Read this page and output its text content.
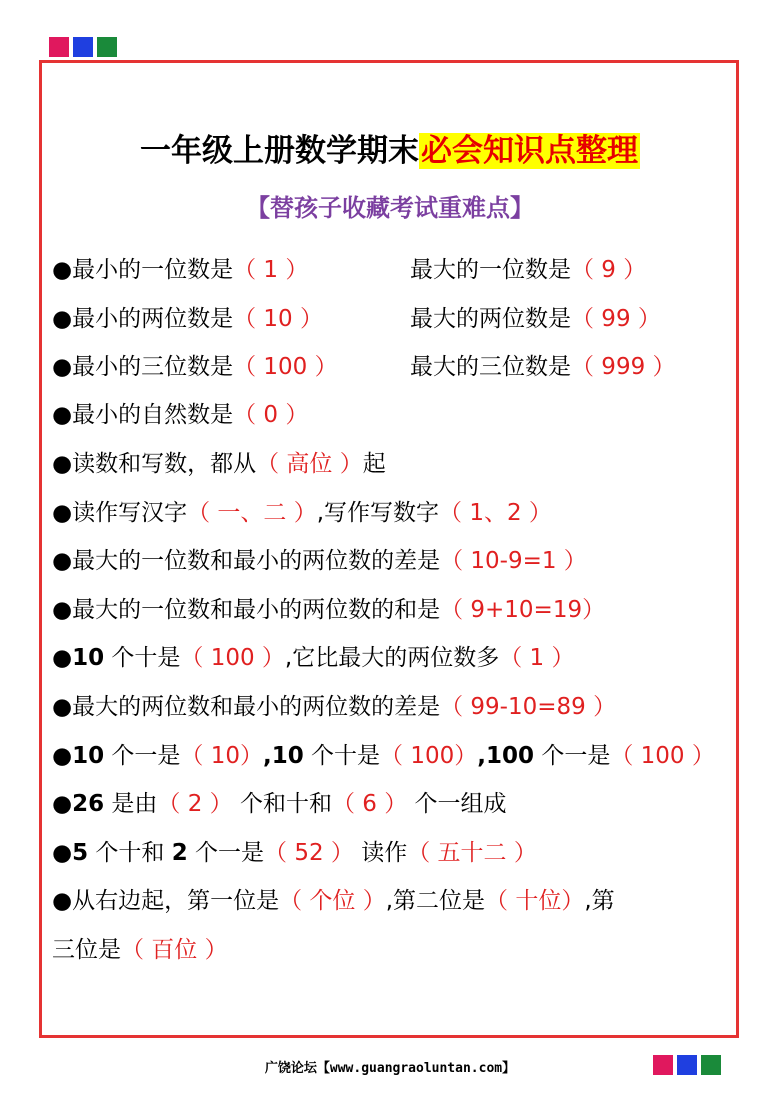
一年级上册数学期末必会知识点整理
【替孩子收藏考试重难点】
●最小的一位数是（ 1 ）	最大的一位数是（ 9 ）
●最小的两位数是（ 10 ）	最大的两位数是（ 99 ）
●最小的三位数是（ 100 ）	最大的三位数是（ 999 ）
●最小的自然数是（ 0 ）
●读数和写数，都从（ 高位 ）起
●读作写汉字（ 一、二 ）,写作写数字（ 1、2 ）
●最大的一位数和最小的两位数的差是（ 10-9=1 ）
●最大的一位数和最小的两位数的和是（ 9+10=19）
●10 个十是（ 100 ）,它比最大的两位数多（ 1 ）
●最大的两位数和最小的两位数的差是（ 99-10=89 ）
●10 个一是（ 10）,10 个十是（ 100）,100 个一是（ 100 ）
●26 是由（ 2 ） 个和十和（ 6 ） 个一组成
●5 个十和 2 个一是（ 52 ） 读作（ 五十二 ）
●从右边起，第一位是（ 个位 ）,第二位是（ 十位）,第
三位是（ 百位 ）
广饶论坛【www.guangraoluntan.com】
